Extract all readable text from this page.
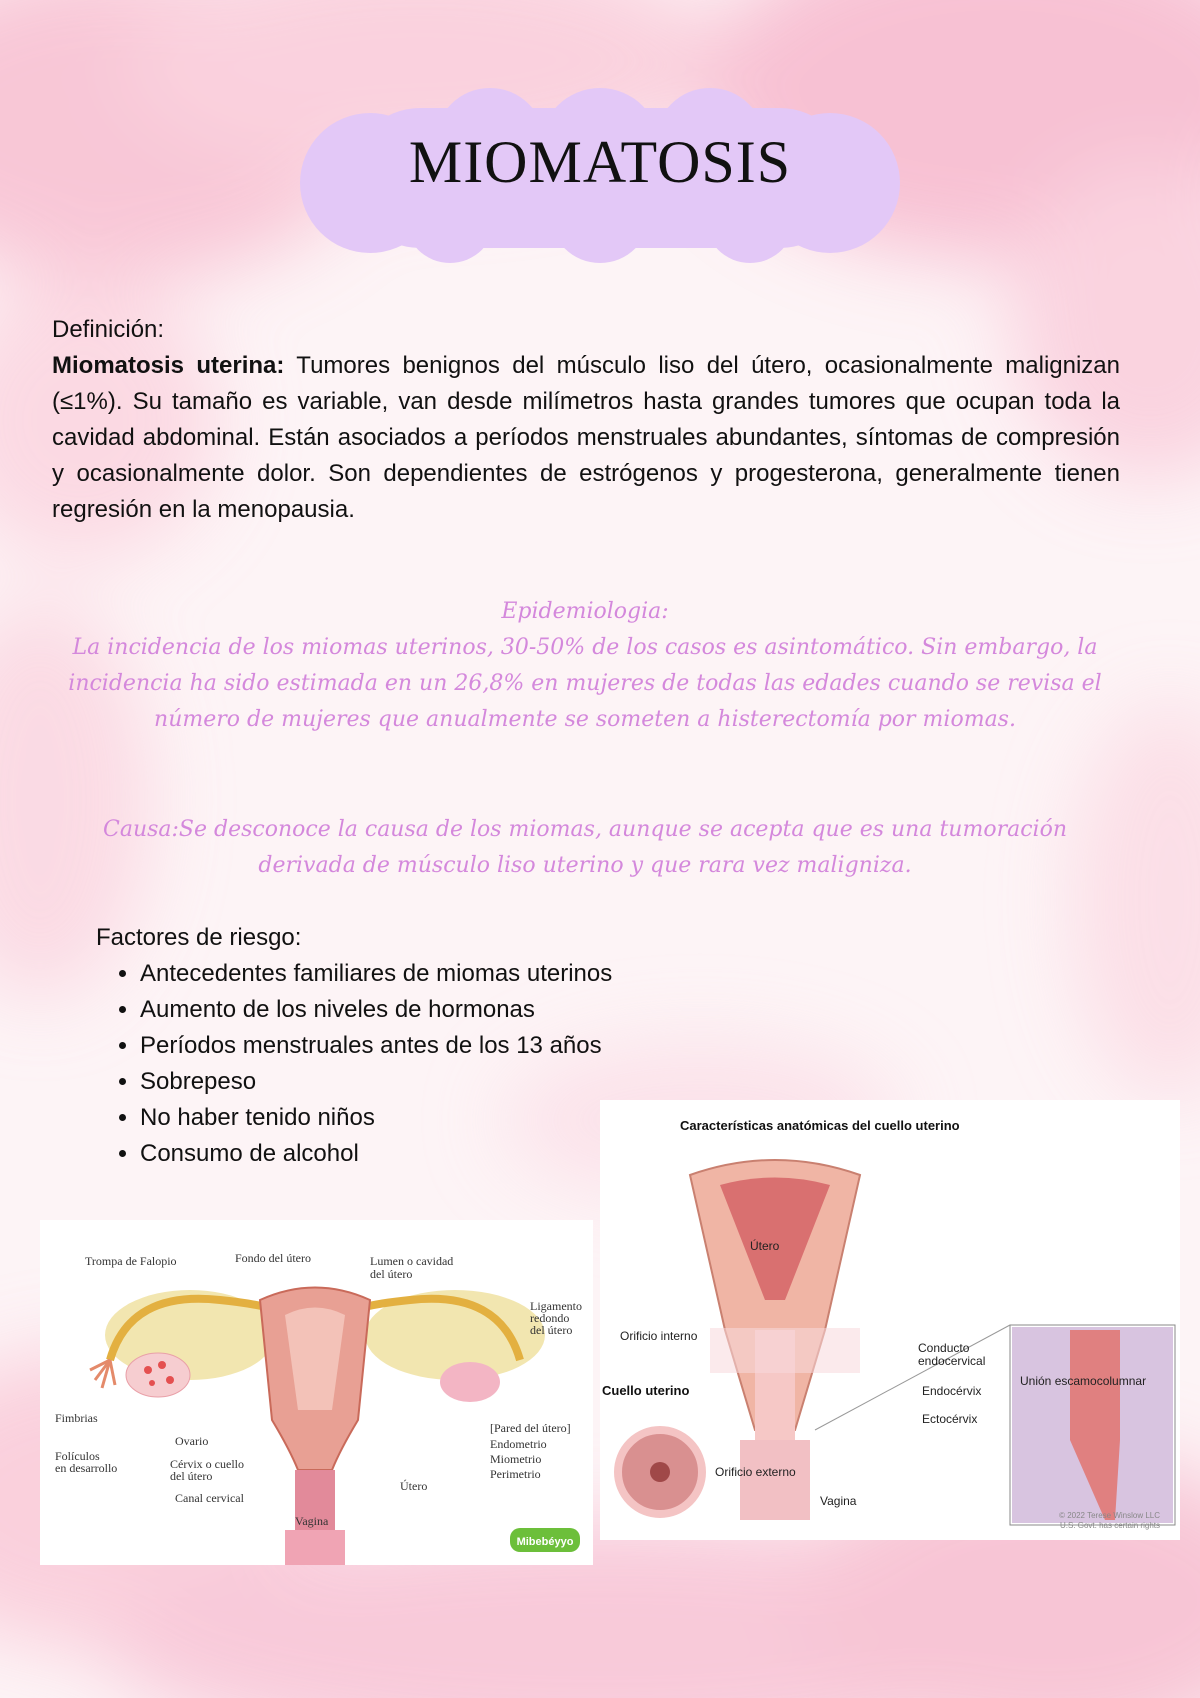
MIOMATOSIS
Definición:

Miomatosis uterina: Tumores benignos del músculo liso del útero, ocasionalmente malignizan (≤1%). Su tamaño es variable, van desde milímetros hasta grandes tumores que ocupan toda la cavidad abdominal. Están asociados a períodos menstruales abundantes, síntomas de compresión y ocasionalmente dolor. Son dependientes de estrógenos y progesterona, generalmente tienen regresión en la menopausia.

Epidemiologia:
La incidencia de los miomas uterinos, 30-50% de los casos es asintomático. Sin embargo, la incidencia ha sido estimada en un 26,8% en mujeres de todas las edades cuando se revisa el número de mujeres que anualmente se someten a histerectomía por miomas.
Causa:Se desconoce la causa de los miomas, aunque se acepta que es una tumoración derivada de músculo liso uterino y que rara vez maligniza.
Factores de riesgo:
• Antecedentes familiares de miomas uterinos
• Aumento de los niveles de hormonas
• Períodos menstruales antes de los 13 años
• Sobrepeso
• No haber tenido niños
• Consumo de alcohol
Trompa de Falopio	Fondo del útero	Lumen o cavidad
del útero
Ligamento
redondo
del útero
Fimbrias
Ovario
Folículos
en desarrollo	Cérvix o cuello
del útero
Canal cervical
[Pared del útero]
Endometrio
Miometrio
Perimetrio
Útero
Vagina
Mibebéyyo
Características anatómicas del cuello uterino
Útero
Orificio interno
Cuello uterino
Conducto
endocervical
Endocérvix
Ectocérvix
Orificio externo
Vagina
Unión escamocolumnar
© 2022 Terese Winslow LLC
U.S. Govt. has certain rights
